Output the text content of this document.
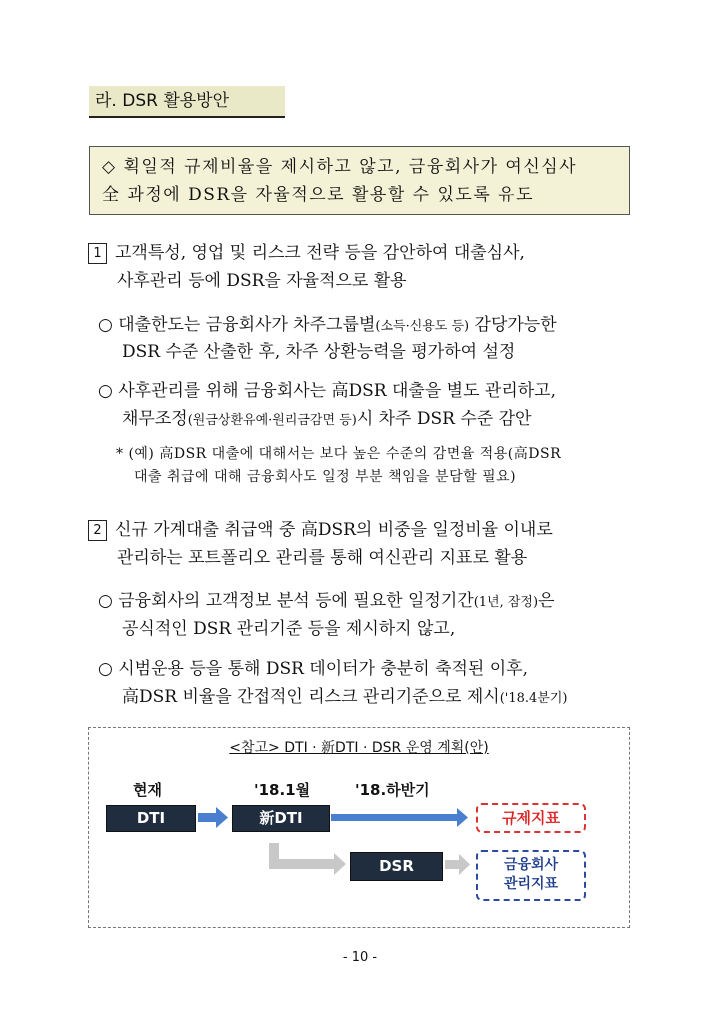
라. DSR 활용방안
◇ 획일적 규제비율을 제시하고 않고, 금융회사가 여신심사
全 과정에 DSR을 자율적으로 활용할 수 있도록 유도
1 고객특성, 영업 및 리스크 전략 등을 감안하여 대출심사,
사후관리 등에 DSR을 자율적으로 활용
○ 대출한도는 금융회사가 차주그룹별(소득·신용도 등) 감당가능한
DSR 수준 산출한 후, 차주 상환능력을 평가하여 설정
○ 사후관리를 위해 금융회사는 高DSR 대출을 별도 관리하고,
채무조정(원금상환유예·원리금감면 등)시 차주 DSR 수준 감안
* (예) 高DSR 대출에 대해서는 보다 높은 수준의 감면율 적용(高DSR
대출 취급에 대해 금융회사도 일정 부분 책임을 분담할 필요)
2 신규 가계대출 취급액 중 高DSR의 비중을 일정비율 이내로
관리하는 포트폴리오 관리를 통해 여신관리 지표로 활용
○ 금융회사의 고객정보 분석 등에 필요한 일정기간(1년, 잠정)은
공식적인 DSR 관리기준 등을 제시하지 않고,
○ 시범운용 등을 통해 DSR 데이터가 충분히 축적된 이후,
高DSR 비율을 간접적인 리스크 관리기준으로 제시('18.4분기)
<참고> DTI · 新DTI · DSR 운영 계획(안)
현재	'18.1월	'18.하반기
DTI	新DTI
DSR
규제지표
금융회사
관리지표
- 10 -
